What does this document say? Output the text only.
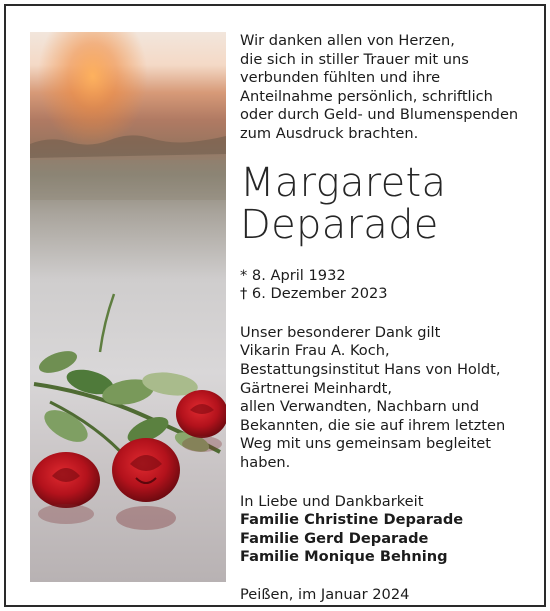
Wir danken allen von Herzen,
die sich in stiller Trauer mit uns
verbunden fühlten und ihre
Anteilnahme persönlich, schriftlich
oder durch Geld- und Blumenspenden
zum Ausdruck brachten.

Margareta
Deparade

* 8. April 1932

† 6. Dezember 2023

Unser besonderer Dank gilt
Vikarin Frau A. Koch,
Bestattungsinstitut Hans von Holdt,
Gärtnerei Meinhardt,
allen Verwandten, Nachbarn und
Bekannten, die sie auf ihrem letzten
Weg mit uns gemeinsam begleitet
haben.

In Liebe und Dankbarkeit

Familie Christine Deparade

Familie Gerd Deparade

Familie Monique Behning

Peißen, im Januar 2024
